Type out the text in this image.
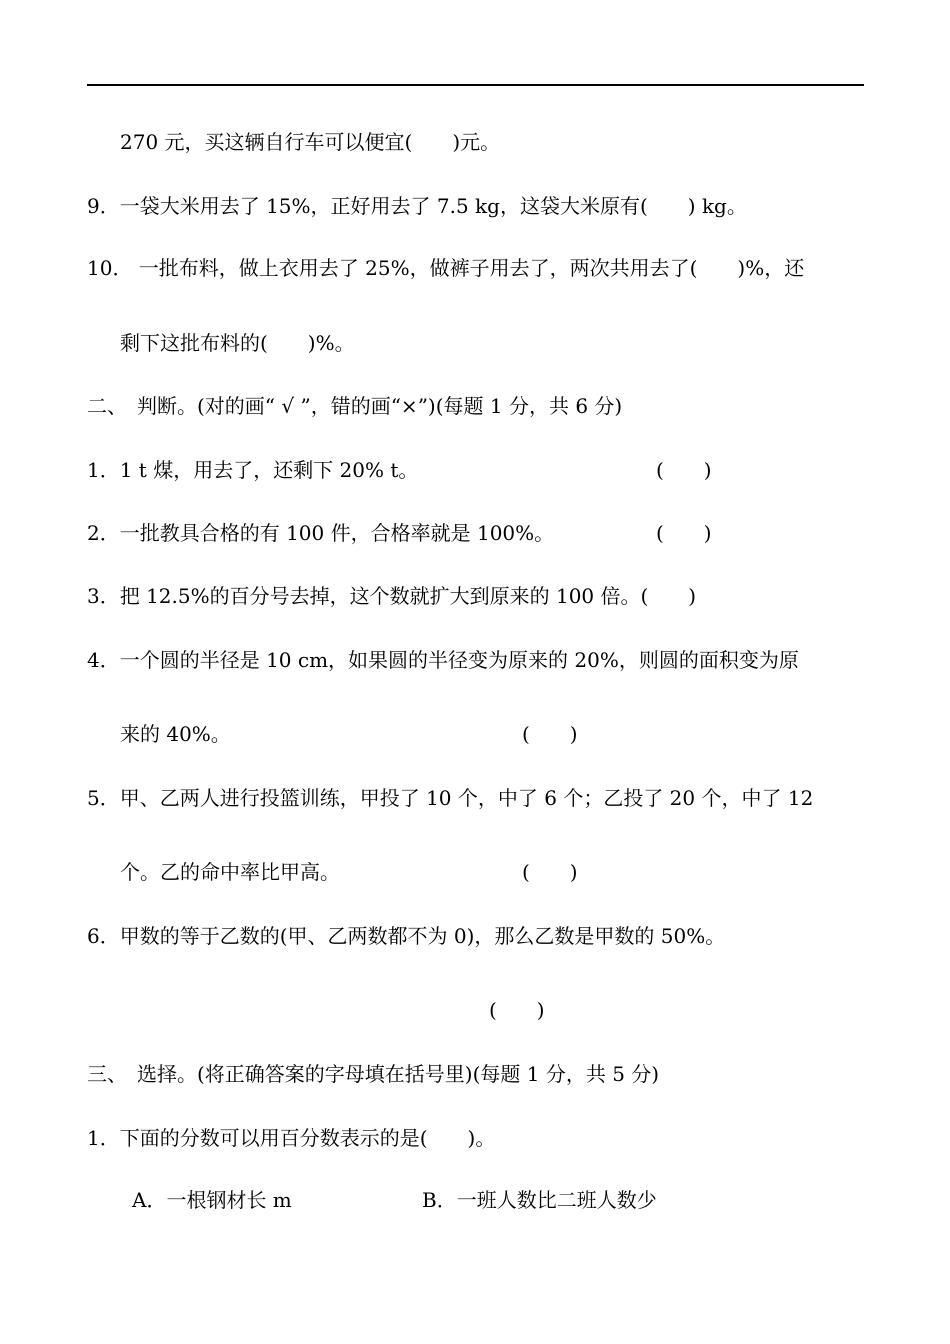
270 元，买这辆自行车可以便宜(　　)元。
9．一袋大米用去了 15%，正好用去了 7.5 kg，这袋大米原有(　　) kg。
10． 一批布料，做上衣用去了 25%，做裤子用去了，两次共用去了(　　)%，还
剩下这批布料的(　　)%。
二、　判断。(对的画“ √ ”，错的画“×”)(每题 1 分，共 6 分)
1．1 t 煤，用去了，还剩下 20% t。	(　　)
2．一批教具合格的有 100 件，合格率就是 100%。	(　　)
3．把 12.5%的百分号去掉，这个数就扩大到原来的 100 倍。(　　)
4．一个圆的半径是 10 cm，如果圆的半径变为原来的 20%，则圆的面积变为原
来的 40%。	(　　)
5．甲、乙两人进行投篮训练，甲投了 10 个，中了 6 个；乙投了 20 个，中了 12
个。乙的命中率比甲高。	(　　)
6．甲数的等于乙数的(甲、乙两数都不为 0)，那么乙数是甲数的 50%。
(　　)
三、　选择。(将正确答案的字母填在括号里)(每题 1 分，共 5 分)
1．下面的分数可以用百分数表示的是(　　)。
A．一根钢材长 m	B．一班人数比二班人数少
